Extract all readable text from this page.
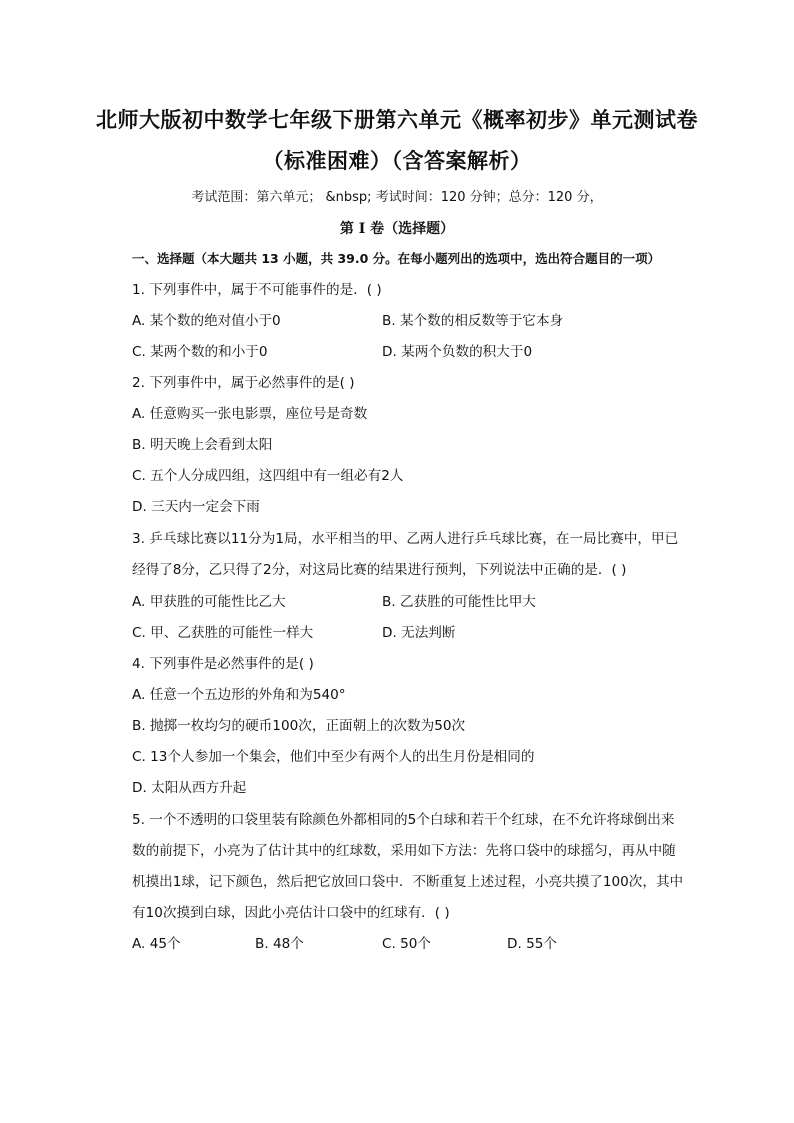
北师大版初中数学七年级下册第六单元《概率初步》单元测试卷
（标准困难）（含答案解析）
考试范围：第六单元； &nbsp; 考试时间：120 分钟；总分：120 分，
第 I 卷（选择题）
一、选择题（本大题共 13 小题，共 39.0 分。在每小题列出的选项中，选出符合题目的一项）
1. 下列事件中，属于不可能事件的是．( )
A. 某个数的绝对值小于0	B. 某个数的相反数等于它本身
C. 某两个数的和小于0	D. 某两个负数的积大于0
2. 下列事件中，属于必然事件的是( )
A. 任意购买一张电影票，座位号是奇数
B. 明天晚上会看到太阳
C. 五个人分成四组，这四组中有一组必有2人
D. 三天内一定会下雨
3. 乒乓球比赛以11分为1局，水平相当的甲、乙两人进行乒乓球比赛，在一局比赛中，甲已
经得了8分，乙只得了2分，对这局比赛的结果进行预判，下列说法中正确的是．( )
A. 甲获胜的可能性比乙大	B. 乙获胜的可能性比甲大
C. 甲、乙获胜的可能性一样大	D. 无法判断
4. 下列事件是必然事件的是( )
A. 任意一个五边形的外角和为540°
B. 抛掷一枚均匀的硬币100次，正面朝上的次数为50次
C. 13个人参加一个集会，他们中至少有两个人的出生月份是相同的
D. 太阳从西方升起
5. 一个不透明的口袋里装有除颜色外都相同的5个白球和若干个红球，在不允许将球倒出来
数的前提下，小亮为了估计其中的红球数，采用如下方法：先将口袋中的球摇匀，再从中随
机摸出1球，记下颜色，然后把它放回口袋中．不断重复上述过程，小亮共摸了100次，其中
有10次摸到白球，因此小亮估计口袋中的红球有．( )
A. 45个	B. 48个	C. 50个	D. 55个
